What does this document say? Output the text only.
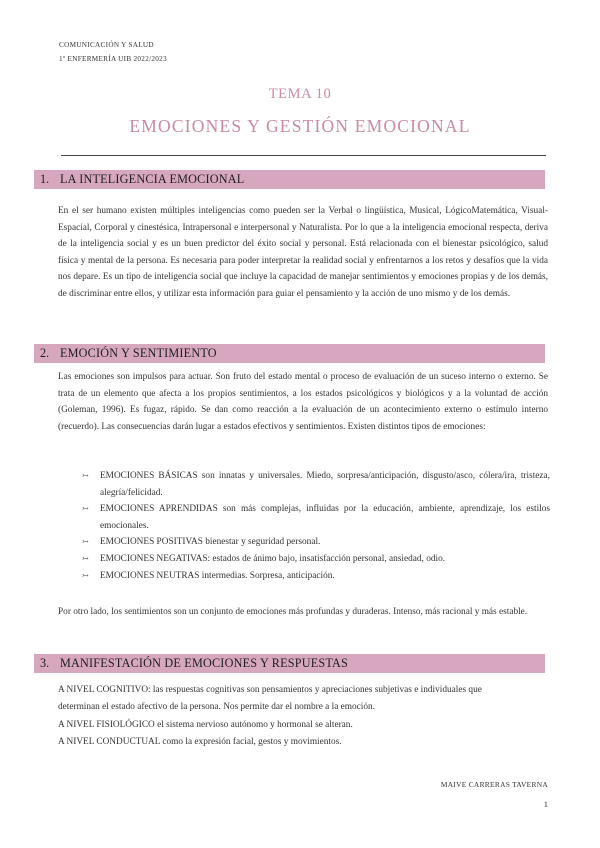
COMUNICACIÓN Y SALUD
1º ENFERMERÍA UIB 2022/2023
TEMA 10
EMOCIONES Y GESTIÓN EMOCIONAL
1. LA INTELIGENCIA EMOCIONAL
En el ser humano existen múltiples inteligencias como pueden ser la Verbal o lingüística, Musical, LógicoMatemática, Visual-Espacial, Corporal y cinestésica, Intrapersonal e interpersonal y Naturalista. Por lo que a la inteligencia emocional respecta, deriva de la inteligencia social y es un buen predictor del éxito social y personal. Está relacionada con el bienestar psicológico, salud física y mental de la persona. Es necesaria para poder interpretar la realidad social y enfrentarnos a los retos y desafíos que la vida nos depare. Es un tipo de inteligencia social que incluye la capacidad de manejar sentimientos y emociones propias y de los demás, de discriminar entre ellos, y utilizar esta información para guiar el pensamiento y la acción de uno mismo y de los demás.
2. EMOCIÓN Y SENTIMIENTO
Las emociones son impulsos para actuar. Son fruto del estado mental o proceso de evaluación de un suceso interno o externo. Se trata de un elemento que afecta a los propios sentimientos, a los estados psicológicos y biológicos y a la voluntad de acción (Goleman, 1996). Es fugaz, rápido. Se dan como reacción a la evaluación de un acontecimiento externo o estímulo interno (recuerdo). Las consecuencias darán lugar a estados efectivos y sentimientos. Existen distintos tipos de emociones:
↣ EMOCIONES BÁSICAS son innatas y universales. Miedo, sorpresa/anticipación, disgusto/asco, cólera/ira, tristeza, alegría/felicidad.
↣ EMOCIONES APRENDIDAS son más complejas, influidas por la educación, ambiente, aprendizaje, los estilos emocionales.
↣ EMOCIONES POSITIVAS bienestar y seguridad personal.
↣ EMOCIONES NEGATIVAS: estados de ánimo bajo, insatisfacción personal, ansiedad, odio.
↣ EMOCIONES NEUTRAS intermedias. Sorpresa, anticipación.
Por otro lado, los sentimientos son un conjunto de emociones más profundas y duraderas. Intenso, más racional y más estable.
3. MANIFESTACIÓN DE EMOCIONES Y RESPUESTAS
A NIVEL COGNITIVO: las respuestas cognitivas son pensamientos y apreciaciones subjetivas e individuales que
determinan el estado afectivo de la persona. Nos permite dar el nombre a la emoción.
A NIVEL FISIOLÓGICO el sistema nervioso autónomo y hormonal se alteran.
A NIVEL CONDUCTUAL como la expresión facial, gestos y movimientos.
MAIVE CARRERAS TAVERNA
1
